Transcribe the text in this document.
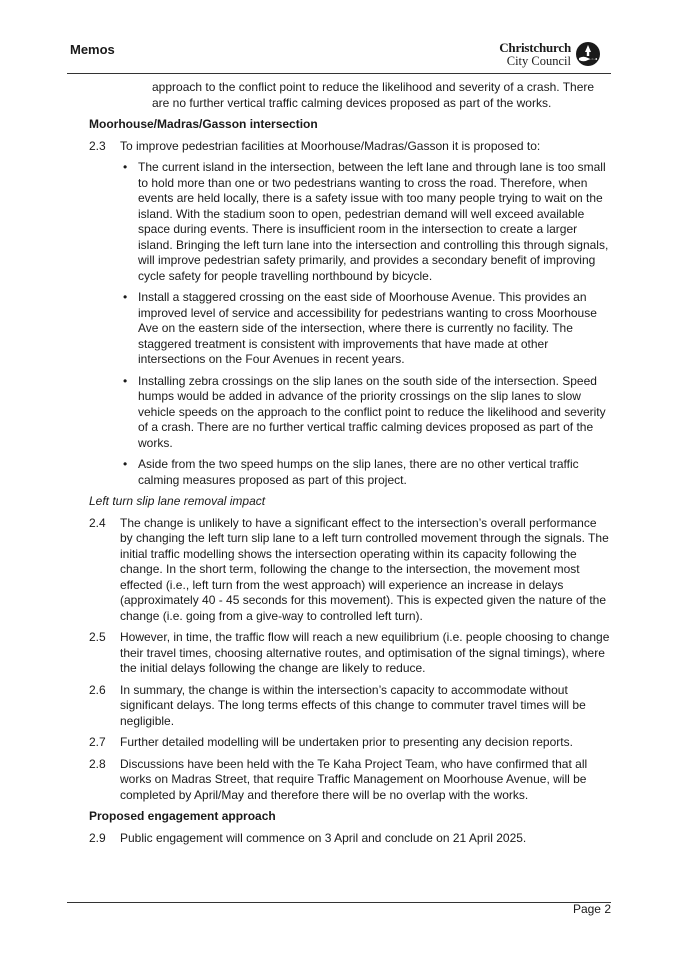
Memos	Christchurch
City Council
approach to the conflict point to reduce the likelihood and severity of a crash. There are no further vertical traffic calming devices proposed as part of the works.
Moorhouse/Madras/Gasson intersection
2.3 To improve pedestrian facilities at Moorhouse/Madras/Gasson it is proposed to:
• The current island in the intersection, between the left lane and through lane is too small to hold more than one or two pedestrians wanting to cross the road. Therefore, when events are held locally, there is a safety issue with too many people trying to wait on the island. With the stadium soon to open, pedestrian demand will well exceed available space during events. There is insufficient room in the intersection to create a larger island. Bringing the left turn lane into the intersection and controlling this through signals, will improve pedestrian safety primarily, and provides a secondary benefit of improving cycle safety for people travelling northbound by bicycle.
• Install a staggered crossing on the east side of Moorhouse Avenue. This provides an improved level of service and accessibility for pedestrians wanting to cross Moorhouse Ave on the eastern side of the intersection, where there is currently no facility. The staggered treatment is consistent with improvements that have made at other intersections on the Four Avenues in recent years.
• Installing zebra crossings on the slip lanes on the south side of the intersection. Speed humps would be added in advance of the priority crossings on the slip lanes to slow vehicle speeds on the approach to the conflict point to reduce the likelihood and severity of a crash. There are no further vertical traffic calming devices proposed as part of the works.
• Aside from the two speed humps on the slip lanes, there are no other vertical traffic calming measures proposed as part of this project.
Left turn slip lane removal impact
2.4 The change is unlikely to have a significant effect to the intersection’s overall performance by changing the left turn slip lane to a left turn controlled movement through the signals. The initial traffic modelling shows the intersection operating within its capacity following the change. In the short term, following the change to the intersection, the movement most effected (i.e., left turn from the west approach) will experience an increase in delays (approximately 40 - 45 seconds for this movement). This is expected given the nature of the change (i.e. going from a give-way to controlled left turn).
2.5 However, in time, the traffic flow will reach a new equilibrium (i.e. people choosing to change their travel times, choosing alternative routes, and optimisation of the signal timings), where the initial delays following the change are likely to reduce.
2.6 In summary, the change is within the intersection’s capacity to accommodate without significant delays. The long terms effects of this change to commuter travel times will be negligible.
2.7 Further detailed modelling will be undertaken prior to presenting any decision reports.
2.8 Discussions have been held with the Te Kaha Project Team, who have confirmed that all works on Madras Street, that require Traffic Management on Moorhouse Avenue, will be completed by April/May and therefore there will be no overlap with the works.
Proposed engagement approach
2.9 Public engagement will commence on 3 April and conclude on 21 April 2025.
Page 2
